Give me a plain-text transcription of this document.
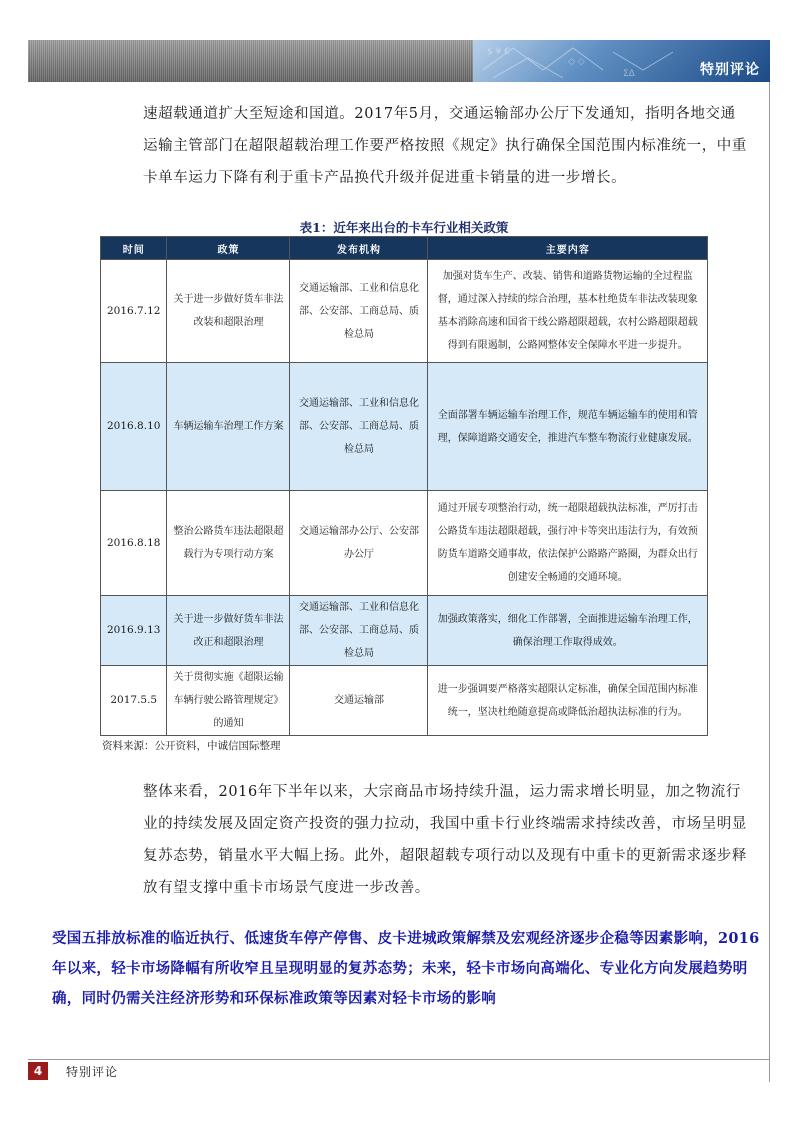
$ ¥ €
◇ ◇
ΣΔ	特别评论

速超载通道扩大至短途和国道。2017年5月，交通运输部办公厅下发通知，指明各地交通运输主管部门在超限超载治理工作要严格按照《规定》执行确保全国范围内标准统一，中重卡单车运力下降有利于重卡产品换代升级并促进重卡销量的进一步增长。

表1：近年来出台的卡车行业相关政策
时间	政策	发布机构	主要内容
2016.7.12	关于进一步做好货车非法改装和超限治理	交通运输部、工业和信息化部、公安部、工商总局、质检总局	加强对货车生产、改装、销售和道路货物运输的全过程监督，通过深入持续的综合治理，基本杜绝货车非法改装现象基本消除高速和国省干线公路超限超载，农村公路超限超载得到有限遏制，公路网整体安全保障水平进一步提升。
2016.8.10	车辆运输车治理工作方案	交通运输部、工业和信息化部、公安部、工商总局、质检总局	全面部署车辆运输车治理工作，规范车辆运输车的使用和管理，保障道路交通安全，推进汽车整车物流行业健康发展。
2016.8.18	整治公路货车违法超限超载行为专项行动方案	交通运输部办公厅、公安部办公厅	通过开展专项整治行动，统一超限超载执法标准，严厉打击公路货车违法超限超载，强行冲卡等突出违法行为，有效预防货车道路交通事故，依法保护公路路产路圈，为群众出行创建安全畅通的交通环境。
2016.9.13	关于进一步做好货车非法改正和超限治理	交通运输部、工业和信息化部、公安部、工商总局、质检总局	加强政策落实，细化工作部署，全面推进运输车治理工作，确保治理工作取得成效。
2017.5.5	关于贯彻实施《超限运输车辆行驶公路管理规定》的通知	交通运输部	进一步强调要严格落实超限认定标准，确保全国范围内标准统一，坚决杜绝随意提高或降低治超执法标准的行为。
资料来源：公开资料，中诚信国际整理

整体来看，2016年下半年以来，大宗商品市场持续升温，运力需求增长明显，加之物流行业的持续发展及固定资产投资的强力拉动，我国中重卡行业终端需求持续改善，市场呈明显复苏态势，销量水平大幅上扬。此外，超限超载专项行动以及现有中重卡的更新需求逐步释放有望支撑中重卡市场景气度进一步改善。

受国五排放标准的临近执行、低速货车停产停售、皮卡进城政策解禁及宏观经济逐步企稳等因素影响，2016 年以来，轻卡市场降幅有所收窄且呈现明显的复苏态势；未来，轻卡市场向高端化、专业化方向发展趋势明确，同时仍需关注经济形势和环保标准政策等因素对轻卡市场的影响

4	特别评论
